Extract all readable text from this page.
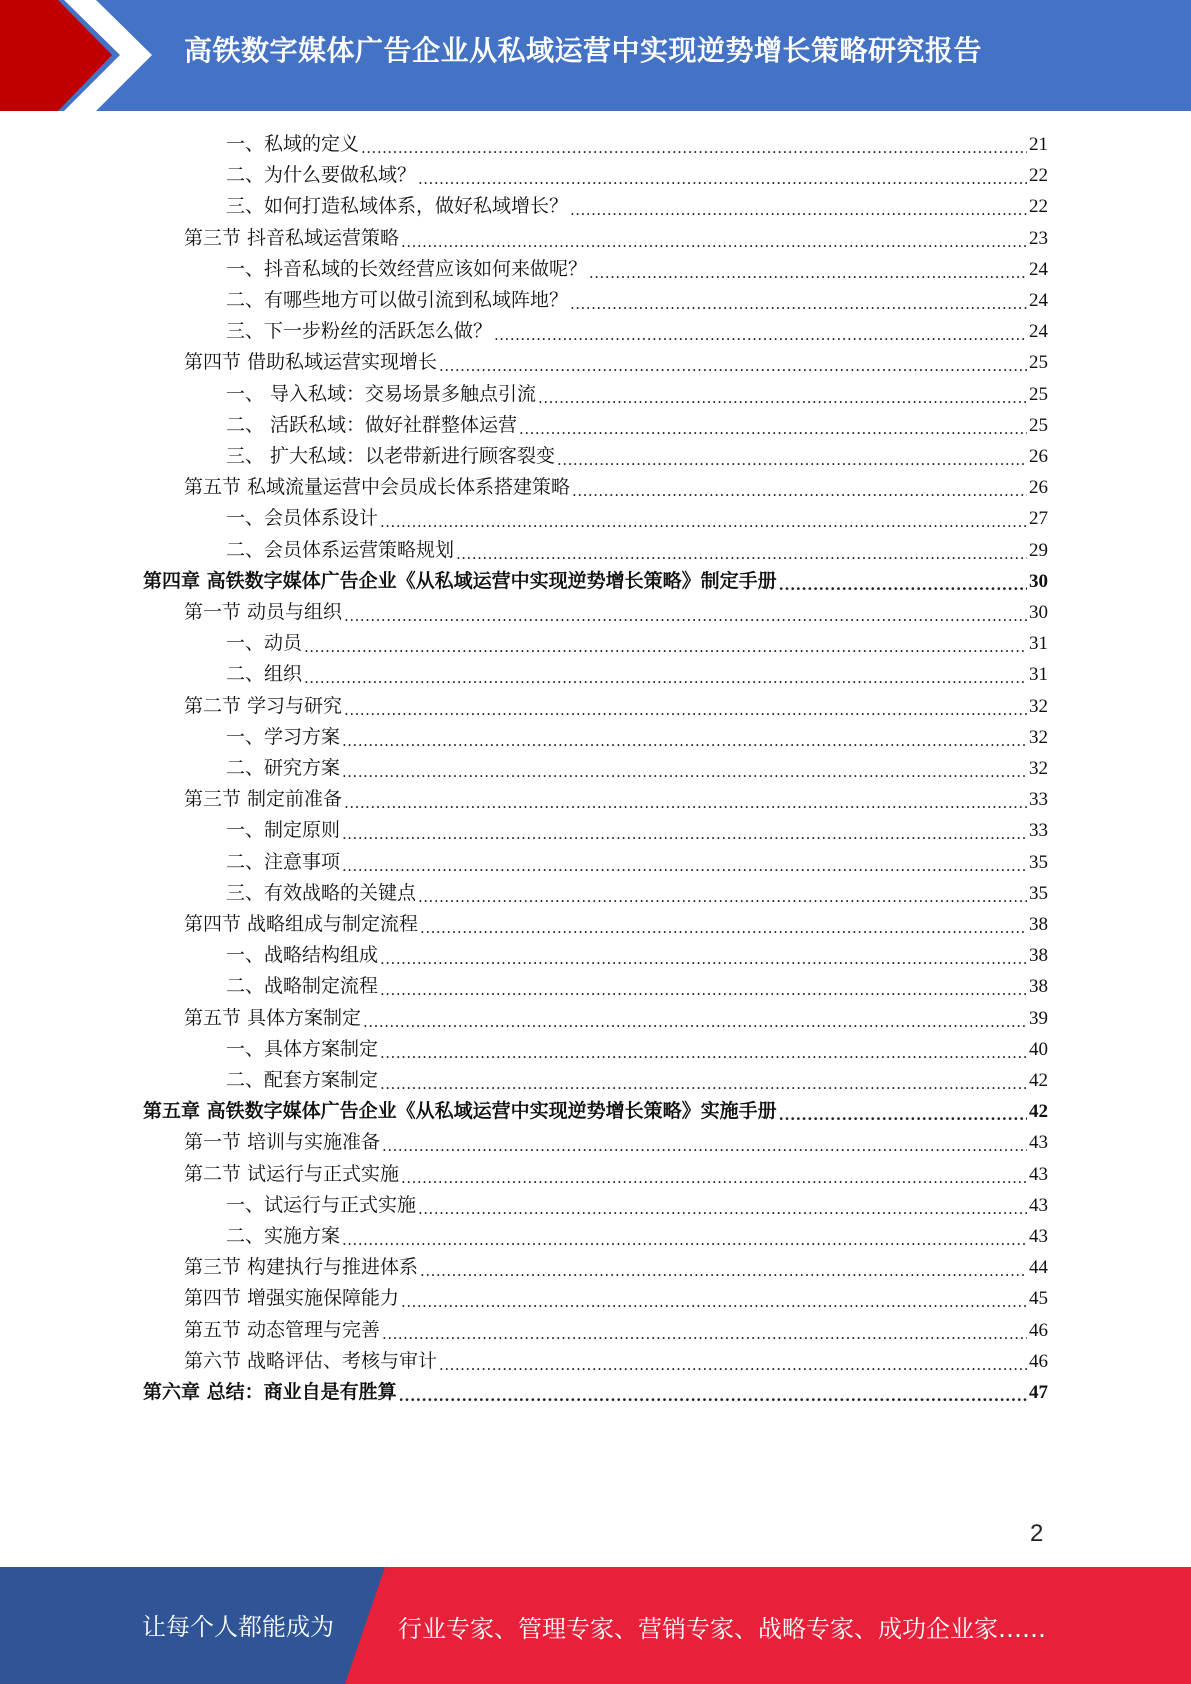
高铁数字媒体广告企业从私域运营中实现逆势增长策略研究报告
一、私域的定义 .....	21
二、为什么要做私域？ .....	22
三、如何打造私域体系，做好私域增长？ .....	22
第三节 抖音私域运营策略 .....	23
一、抖音私域的长效经营应该如何来做呢？ .....	24
二、有哪些地方可以做引流到私域阵地？ .....	24
三、下一步粉丝的活跃怎么做？ .....	24
第四节 借助私域运营实现增长 .....	25
一、 导入私域：交易场景多触点引流 .....	25
二、 活跃私域：做好社群整体运营 .....	25
三、 扩大私域：以老带新进行顾客裂变 .....	26
第五节 私域流量运营中会员成长体系搭建策略 .....	26
一、会员体系设计 .....	27
二、会员体系运营策略规划 .....	29
第四章 高铁数字媒体广告企业《从私域运营中实现逆势增长策略》制定手册 .....	30
第一节 动员与组织 .....	30
一、动员 .....	31
二、组织 .....	31
第二节 学习与研究 .....	32
一、学习方案 .....	32
二、研究方案 .....	32
第三节 制定前准备 .....	33
一、制定原则 .....	33
二、注意事项 .....	35
三、有效战略的关键点 .....	35
第四节 战略组成与制定流程 .....	38
一、战略结构组成 .....	38
二、战略制定流程 .....	38
第五节 具体方案制定 .....	39
一、具体方案制定 .....	40
二、配套方案制定 .....	42
第五章 高铁数字媒体广告企业《从私域运营中实现逆势增长策略》实施手册 .....	42
第一节 培训与实施准备 .....	43
第二节 试运行与正式实施 .....	43
一、试运行与正式实施 .....	43
二、实施方案 .....	43
第三节 构建执行与推进体系 .....	44
第四节 增强实施保障能力 .....	45
第五节 动态管理与完善 .....	46
第六节 战略评估、考核与审计 .....	46
第六章 总结：商业自是有胜算 .....	47
2
让每个人都能成为	行业专家、管理专家、营销专家、战略专家、成功企业家……
